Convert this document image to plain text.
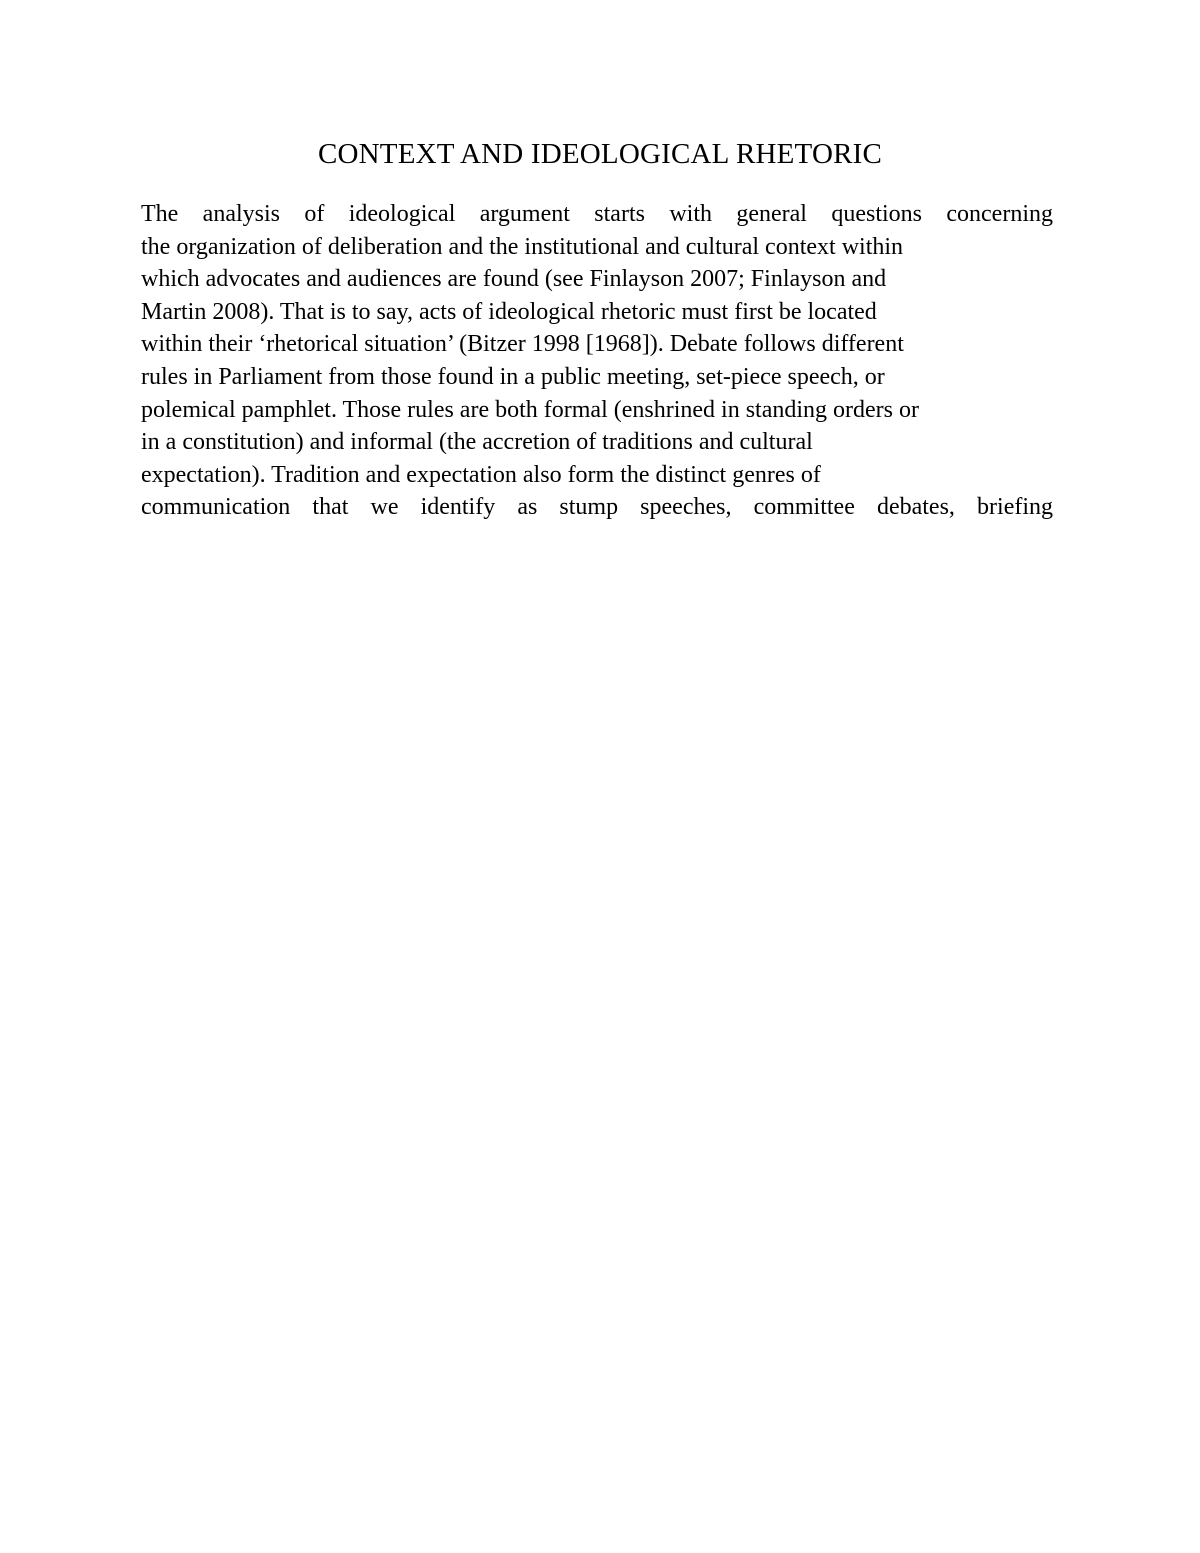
CONTEXT AND IDEOLOGICAL RHETORIC

The analysis of ideological argument starts with general questions concerning
the organization of deliberation and the institutional and cultural context within
which advocates and audiences are found (see Finlayson 2007; Finlayson and
Martin 2008). That is to say, acts of ideological rhetoric must first be located
within their ‘rhetorical situation’ (Bitzer 1998 [1968]). Debate follows different
rules in Parliament from those found in a public meeting, set-piece speech, or
polemical pamphlet. Those rules are both formal (enshrined in standing orders or
in a constitution) and informal (the accretion of traditions and cultural
expectation). Tradition and expectation also form the distinct genres of
communication that we identify as stump speeches, committee debates, briefing
